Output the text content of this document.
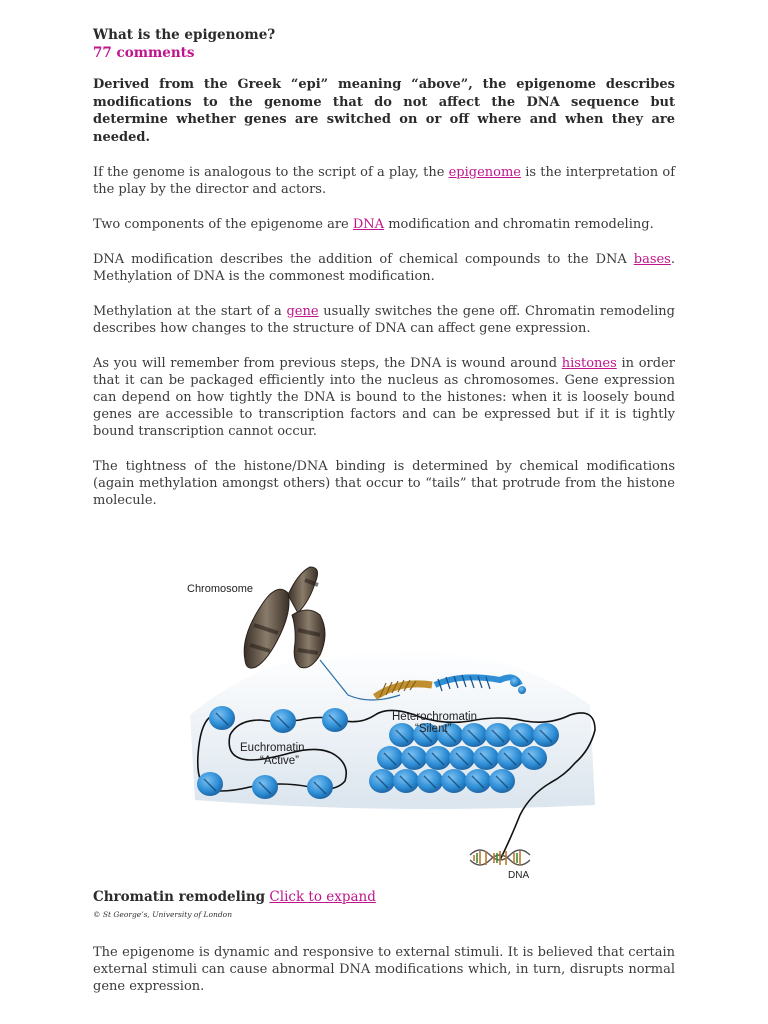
What is the epigenome?
77 comments

Derived from the Greek “epi” meaning “above”, the epigenome describes modifications to the genome that do not affect the DNA sequence but determine whether genes are switched on or off where and when they are needed.

If the genome is analogous to the script of a play, the epigenome is the interpretation of the play by the director and actors.

Two components of the epigenome are DNA modification and chromatin remodeling.

DNA modification describes the addition of chemical compounds to the DNA bases. Methylation of DNA is the commonest modification.

Methylation at the start of a gene usually switches the gene off. Chromatin remodeling describes how changes to the structure of DNA can affect gene expression.

As you will remember from previous steps, the DNA is wound around histones in order that it can be packaged efficiently into the nucleus as chromosomes. Gene expression can depend on how tightly the DNA is bound to the histones: when it is loosely bound genes are accessible to transcription factors and can be expressed but if it is tightly bound transcription cannot occur.

The tightness of the histone/DNA binding is determined by chemical modifications (again methylation amongst others) that occur to “tails” that protrude from the histone molecule.

Chromosome
Heterochromatin
“Silent”
Euchromatin
“Active”
DNA
Chromatin remodeling Click to expand
© St George’s, University of London

The epigenome is dynamic and responsive to external stimuli. It is believed that certain external stimuli can cause abnormal DNA modifications which, in turn, disrupts normal gene expression.
